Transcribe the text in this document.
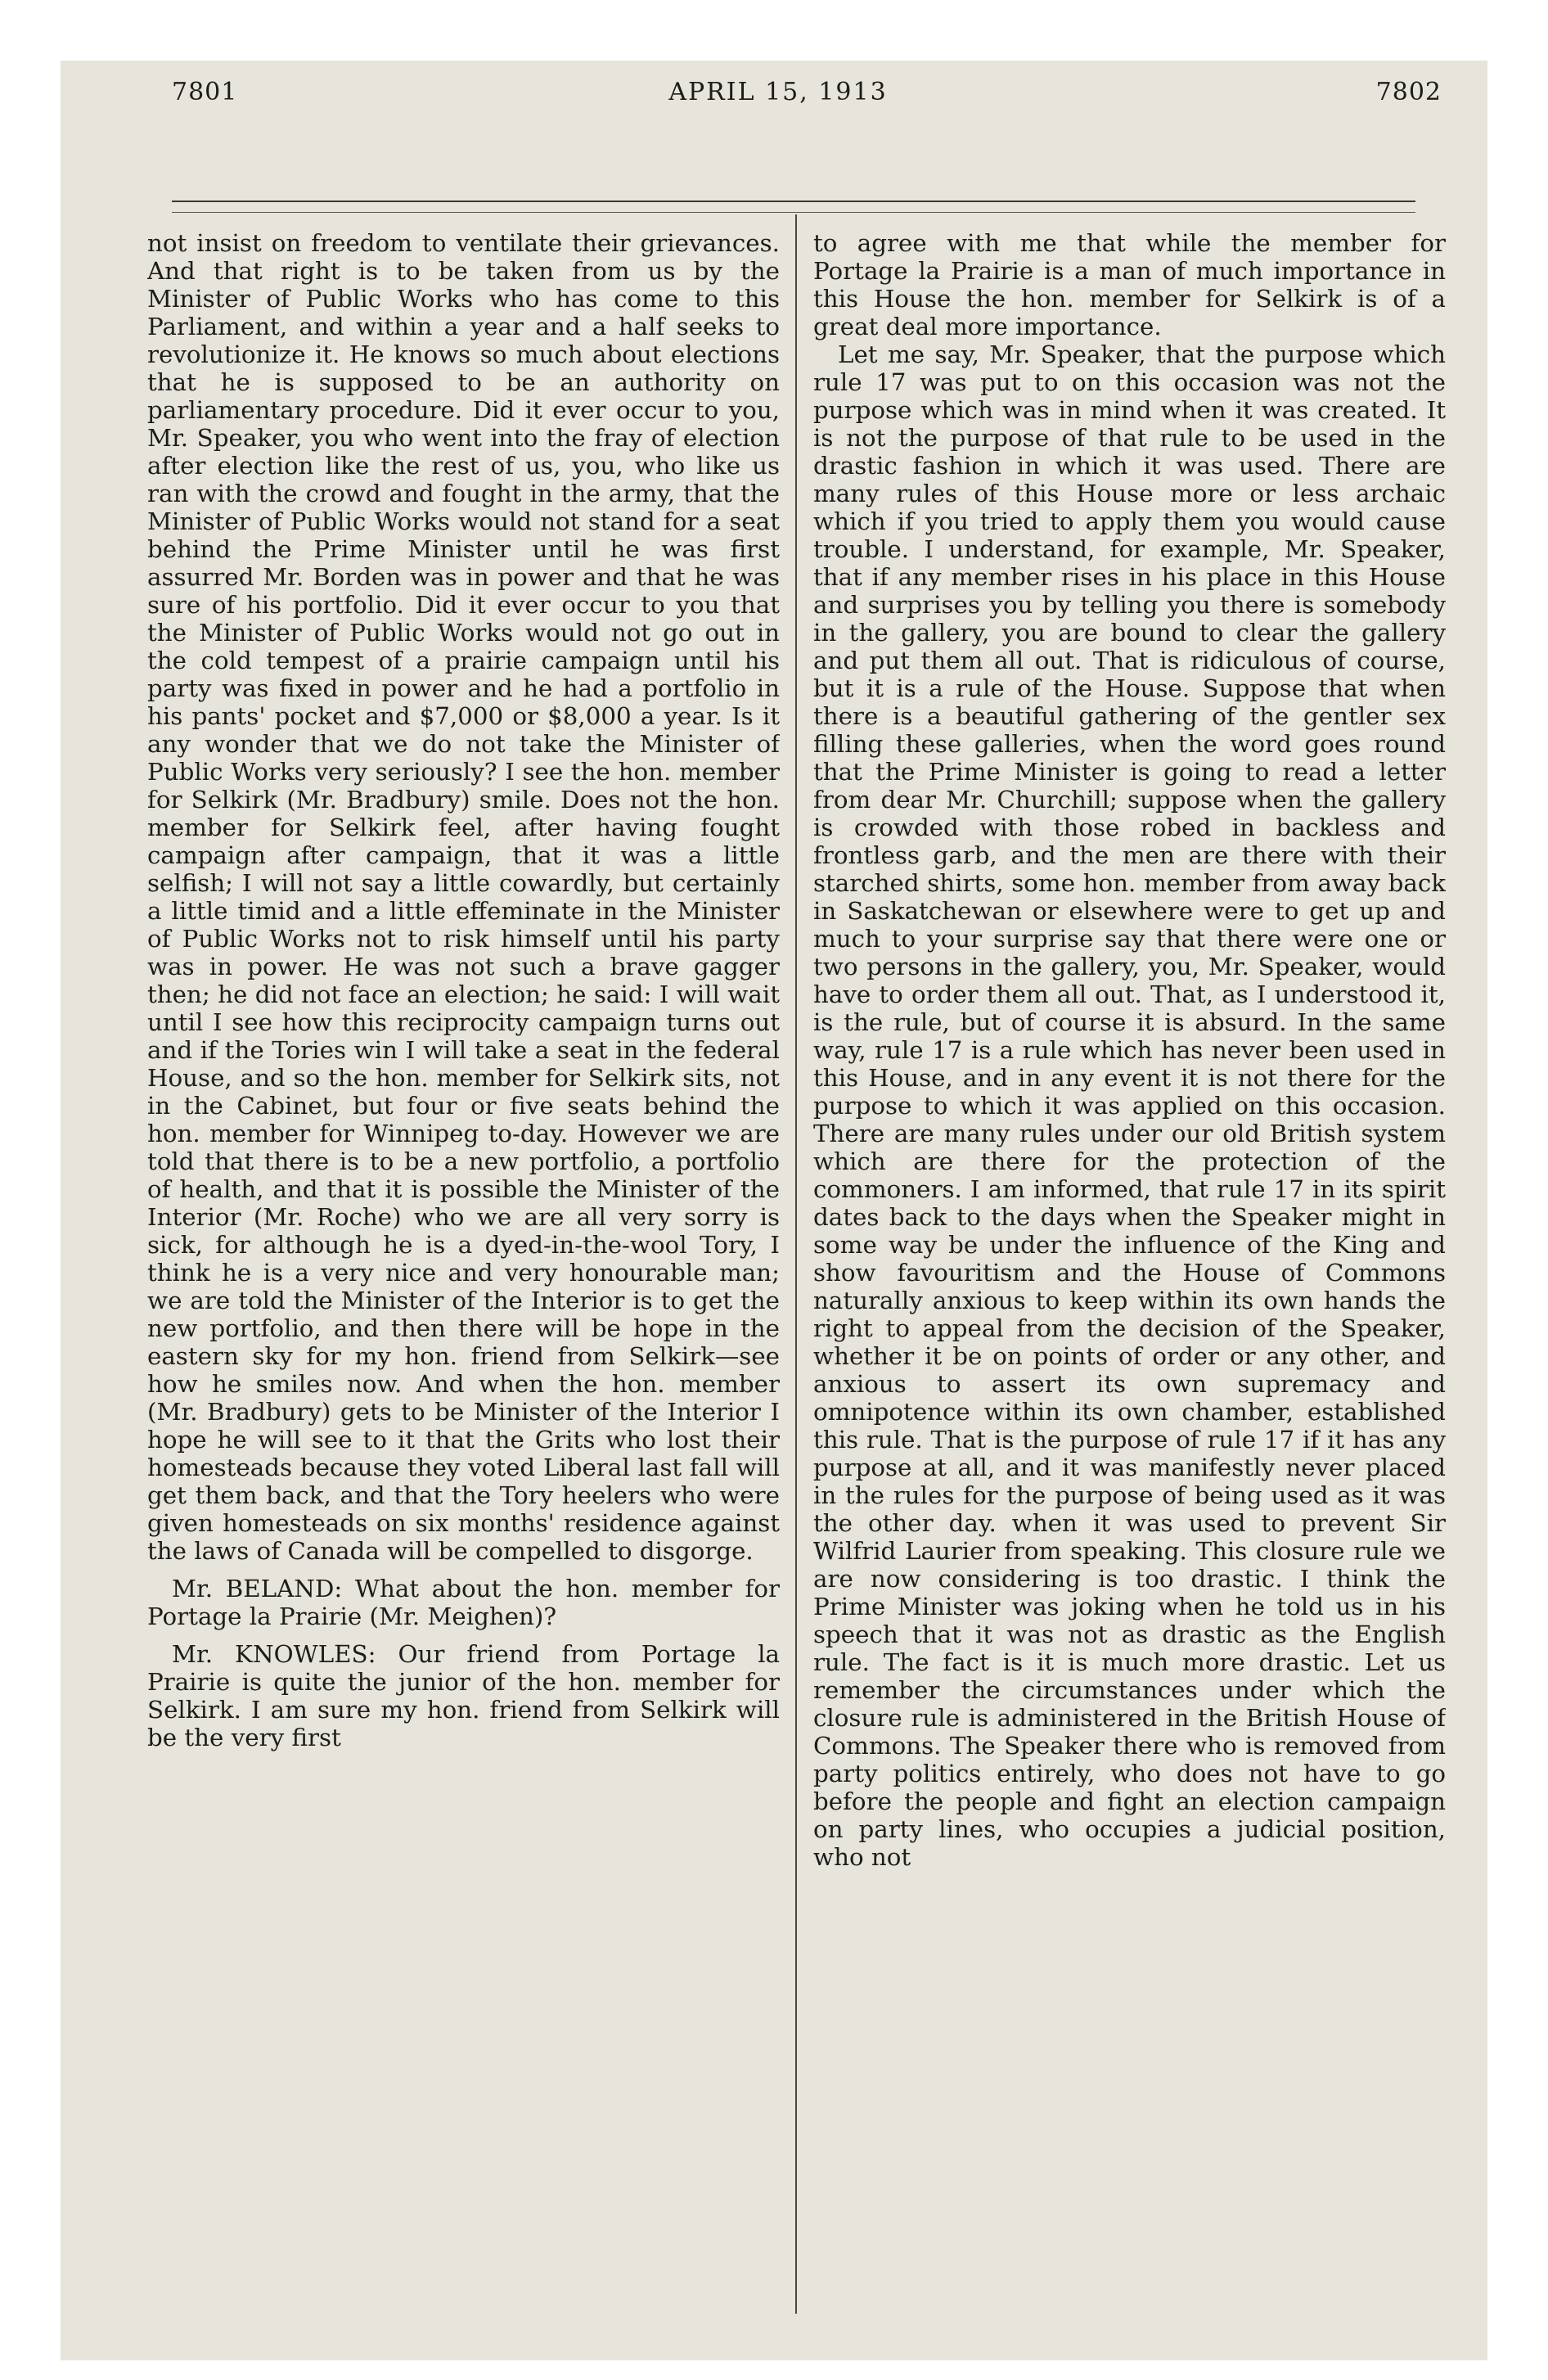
7801	APRIL 15, 1913	7802

not insist on freedom to ventilate their grievances. And that right is to be taken from us by the Minister of Public Works who has come to this Parliament, and within a year and a half seeks to revolutionize it. He knows so much about elections that he is supposed to be an authority on parliamentary procedure. Did it ever occur to you, Mr. Speaker, you who went into the fray of election after election like the rest of us, you, who like us ran with the crowd and fought in the army, that the Minister of Public Works would not stand for a seat behind the Prime Minister until he was first assurred Mr. Borden was in power and that he was sure of his portfolio. Did it ever occur to you that the Minister of Public Works would not go out in the cold tempest of a prairie campaign until his party was fixed in power and he had a portfolio in his pants' pocket and $7,000 or $8,000 a year. Is it any wonder that we do not take the Minister of Public Works very seriously? I see the hon. member for Selkirk (Mr. Bradbury) smile. Does not the hon. member for Selkirk feel, after having fought campaign after campaign, that it was a little selfish; I will not say a little cowardly, but certainly a little timid and a little effeminate in the Minister of Public Works not to risk himself until his party was in power. He was not such a brave gagger then; he did not face an election; he said: I will wait until I see how this reciprocity campaign turns out and if the Tories win I will take a seat in the federal House, and so the hon. member for Selkirk sits, not in the Cabinet, but four or five seats behind the hon. member for Winnipeg to-day. However we are told that there is to be a new portfolio, a portfolio of health, and that it is possible the Minister of the Interior (Mr. Roche) who we are all very sorry is sick, for although he is a dyed-in-the-wool Tory, I think he is a very nice and very honourable man; we are told the Minister of the Interior is to get the new portfolio, and then there will be hope in the eastern sky for my hon. friend from Selkirk—see how he smiles now. And when the hon. member (Mr. Bradbury) gets to be Minister of the Interior I hope he will see to it that the Grits who lost their homesteads because they voted Liberal last fall will get them back, and that the Tory heelers who were given homesteads on six months' residence against the laws of Canada will be compelled to disgorge.

Mr. BELAND: What about the hon. member for Portage la Prairie (Mr. Meighen)?

Mr. KNOWLES: Our friend from Portage la Prairie is quite the junior of the hon. member for Selkirk. I am sure my hon. friend from Selkirk will be the very first

to agree with me that while the member for Portage la Prairie is a man of much importance in this House the hon. member for Selkirk is of a great deal more importance.

Let me say, Mr. Speaker, that the purpose which rule 17 was put to on this occasion was not the purpose which was in mind when it was created. It is not the purpose of that rule to be used in the drastic fashion in which it was used. There are many rules of this House more or less archaic which if you tried to apply them you would cause trouble. I understand, for example, Mr. Speaker, that if any member rises in his place in this House and surprises you by telling you there is somebody in the gallery, you are bound to clear the gallery and put them all out. That is ridiculous of course, but it is a rule of the House. Suppose that when there is a beautiful gathering of the gentler sex filling these galleries, when the word goes round that the Prime Minister is going to read a letter from dear Mr. Churchill; suppose when the gallery is crowded with those robed in backless and frontless garb, and the men are there with their starched shirts, some hon. member from away back in Saskatchewan or elsewhere were to get up and much to your surprise say that there were one or two persons in the gallery, you, Mr. Speaker, would have to order them all out. That, as I understood it, is the rule, but of course it is absurd. In the same way, rule 17 is a rule which has never been used in this House, and in any event it is not there for the purpose to which it was applied on this occasion. There are many rules under our old British system which are there for the protection of the commoners. I am informed, that rule 17 in its spirit dates back to the days when the Speaker might in some way be under the influence of the King and show favouritism and the House of Commons naturally anxious to keep within its own hands the right to appeal from the decision of the Speaker, whether it be on points of order or any other, and anxious to assert its own supremacy and omnipotence within its own chamber, established this rule. That is the purpose of rule 17 if it has any purpose at all, and it was manifestly never placed in the rules for the purpose of being used as it was the other day. when it was used to prevent Sir Wilfrid Laurier from speaking. This closure rule we are now considering is too drastic. I think the Prime Minister was joking when he told us in his speech that it was not as drastic as the English rule. The fact is it is much more drastic. Let us remember the circumstances under which the closure rule is administered in the British House of Commons. The Speaker there who is removed from party politics entirely, who does not have to go before the people and fight an election campaign on party lines, who occupies a judicial position, who not
